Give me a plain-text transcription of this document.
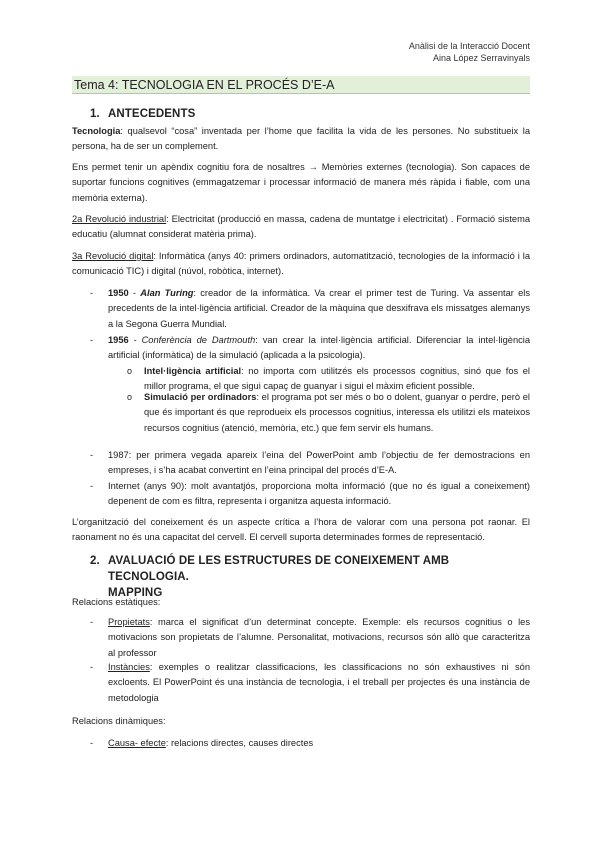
Anàlisi de la Interacció Docent
Aina López Serravinyals
Tema 4: TECNOLOGIA EN EL PROCÉS D’E-A
1. ANTECEDENTS
Tecnologia: qualsevol “cosa” inventada per l’home que facilita la vida de les persones. No substitueix la persona, ha de ser un complement.
Ens permet tenir un apèndix cognitiu fora de nosaltres → Memòries externes (tecnologia). Son capaces de suportar funcions cognitives (emmagatzemar i processar informació de manera més ràpida i fiable, com una memòria externa).
2a Revolució industrial: Electricitat (producció en massa, cadena de muntatge i electricitat) . Formació sistema educatiu (alumnat considerat matèria prima).
3a Revolució digital: Informàtica (anys 40: primers ordinadors, automatització, tecnologies de la informació i la comunicació TIC) i digital (núvol, robòtica, internet).
- 1950 - Alan Turing: creador de la informàtica. Va crear el primer test de Turing. Va assentar els precedents de la intel·ligència artificial. Creador de la màquina que desxifrava els missatges alemanys a la Segona Guerra Mundial.
- 1956 - Conferència de Dartmouth: van crear la intel·ligència artificial. Diferenciar la intel·ligència artificial (informàtica) de la simulació (aplicada a la psicologia).
o Intel·ligència artificial: no importa com utilitzés els processos cognitius, sinó que fos el millor programa, el que sigui capaç de guanyar i sigui el màxim eficient possible.
o Simulació per ordinadors: el programa pot ser més o bo o dolent, guanyar o perdre, però el que és important és que reprodueix els processos cognitius, interessa els utilitzi els mateixos recursos cognitius (atenció, memòria, etc.) que fem servir els humans.
- 1987: per primera vegada apareix l’eina del PowerPoint amb l’objectiu de fer demostracions en empreses, i s’ha acabat convertint en l’eina principal del procés d’E-A.
- Internet (anys 90): molt avantatjós, proporciona molta informació (que no és igual a coneixement) depenent de com es filtra, representa i organitza aquesta informació.
L’organització del coneixement és un aspecte crítica a l’hora de valorar com una persona pot raonar. El raonament no és una capacitat del cervell. El cervell suporta determinades formes de representació.
2. AVALUACIÓ DE LES ESTRUCTURES DE CONEIXEMENT AMB TECNOLOGIA.
MAPPING
Relacions estàtiques:
- Propietats: marca el significat d’un determinat concepte. Exemple: els recursos cognitius o les motivacions son propietats de l’alumne. Personalitat, motivacions, recursos són allò que caracteritza al professor
- Instàncies: exemples o realitzar classificacions, les classificacions no són exhaustives ni són excloents. El PowerPoint és una instància de tecnologia, i el treball per projectes és una instància de metodologia
Relacions dinàmiques:
- Causa- efecte: relacions directes, causes directes
